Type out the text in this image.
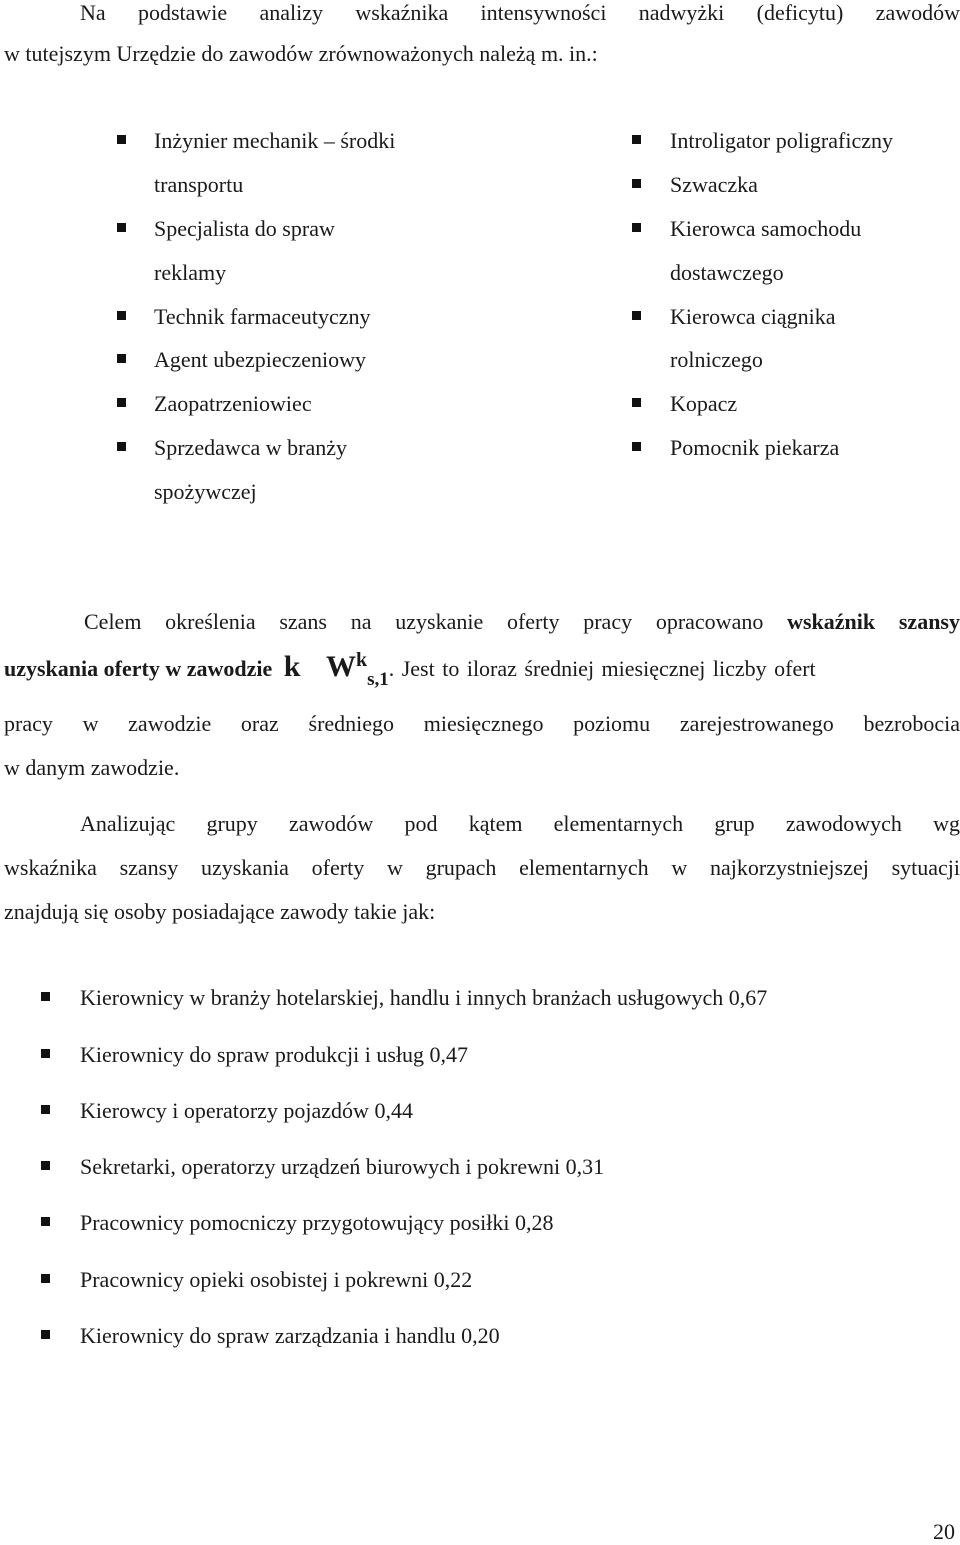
Na podstawie analizy wskaźnika intensywności nadwyżki (deficytu) zawodów
w tutejszym Urzędzie do zawodów zrównoważonych należą m. in.:
Inżynier mechanik – środki
transportu
Specjalista do spraw
reklamy
Technik farmaceutyczny
Agent ubezpieczeniowy
Zaopatrzeniowiec
Sprzedawca w branży
spożywczej
Introligator poligraficzny
Szwaczka
Kierowca samochodu
dostawczego
Kierowca ciągnika
rolniczego
Kopacz
Pomocnik piekarza
Celem określenia szans na uzyskanie oferty pracy opracowano wskaźnik szansy
uzyskania oferty w zawodzie k $W^k_{s,1}$. Jest to iloraz średniej miesięcznej liczby ofert
pracy w zawodzie oraz średniego miesięcznego poziomu zarejestrowanego bezrobocia
w danym zawodzie.
Analizując grupy zawodów pod kątem elementarnych grup zawodowych wg
wskaźnika szansy uzyskania oferty w grupach elementarnych w najkorzystniejszej sytuacji
znajdują się osoby posiadające zawody takie jak:
Kierownicy w branży hotelarskiej, handlu i innych branżach usługowych 0,67
Kierownicy do spraw produkcji i usług 0,47
Kierowcy i operatorzy pojazdów 0,44
Sekretarki, operatorzy urządzeń biurowych i pokrewni 0,31
Pracownicy pomocniczy przygotowujący posiłki 0,28
Pracownicy opieki osobistej i pokrewni 0,22
Kierownicy do spraw zarządzania i handlu 0,20
20
